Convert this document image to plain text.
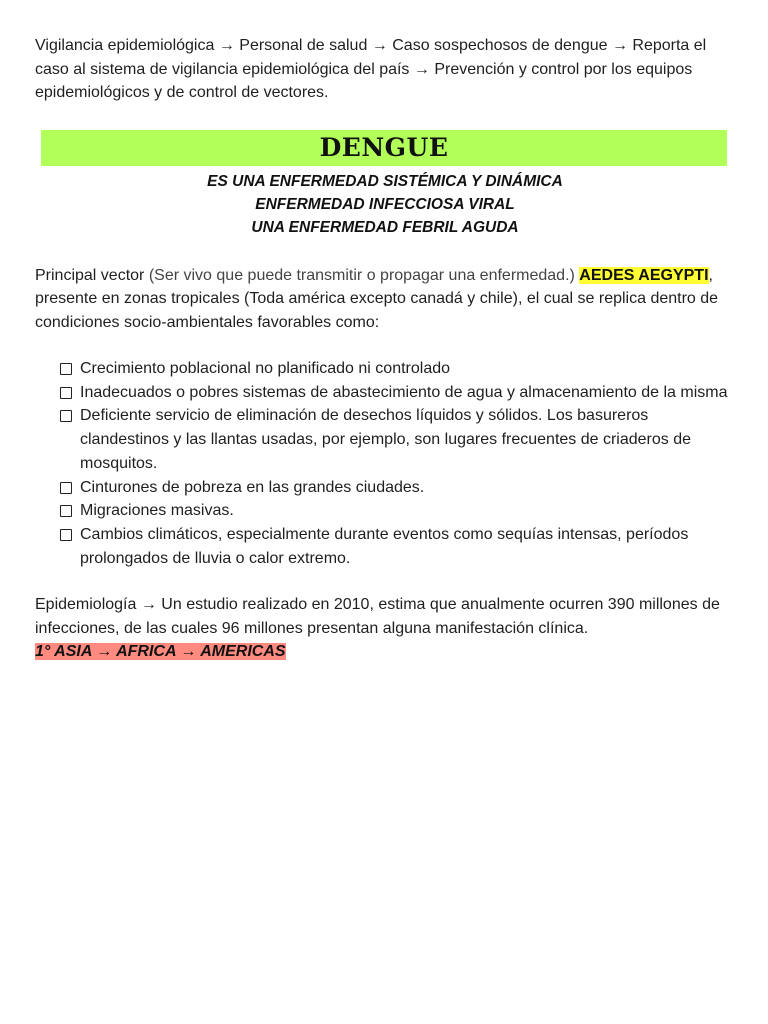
Vigilancia epidemiológica → Personal de salud → Caso sospechosos de dengue → Reporta el caso al sistema de vigilancia epidemiológica del país → Prevención y control por los equipos epidemiológicos y de control de vectores.

DENGUE
ES UNA ENFERMEDAD SISTÉMICA Y DINÁMICA
ENFERMEDAD INFECCIOSA VIRAL
UNA ENFERMEDAD FEBRIL AGUDA

Principal vector (Ser vivo que puede transmitir o propagar una enfermedad.) AEDES AEGYPTI, presente en zonas tropicales (Toda américa excepto canadá y chile), el cual se replica dentro de condiciones socio-ambientales favorables como:

Crecimiento poblacional no planificado ni controlado
Inadecuados o pobres sistemas de abastecimiento de agua y almacenamiento de la misma
Deficiente servicio de eliminación de desechos líquidos y sólidos. Los basureros clandestinos y las llantas usadas, por ejemplo, son lugares frecuentes de criaderos de mosquitos.
Cinturones de pobreza en las grandes ciudades.
Migraciones masivas.
Cambios climáticos, especialmente durante eventos como sequías intensas, períodos prolongados de lluvia o calor extremo.

Epidemiología → Un estudio realizado en 2010, estima que anualmente ocurren 390 millones de infecciones, de las cuales 96 millones presentan alguna manifestación clínica.

1° ASIA → AFRICA → AMERICAS
